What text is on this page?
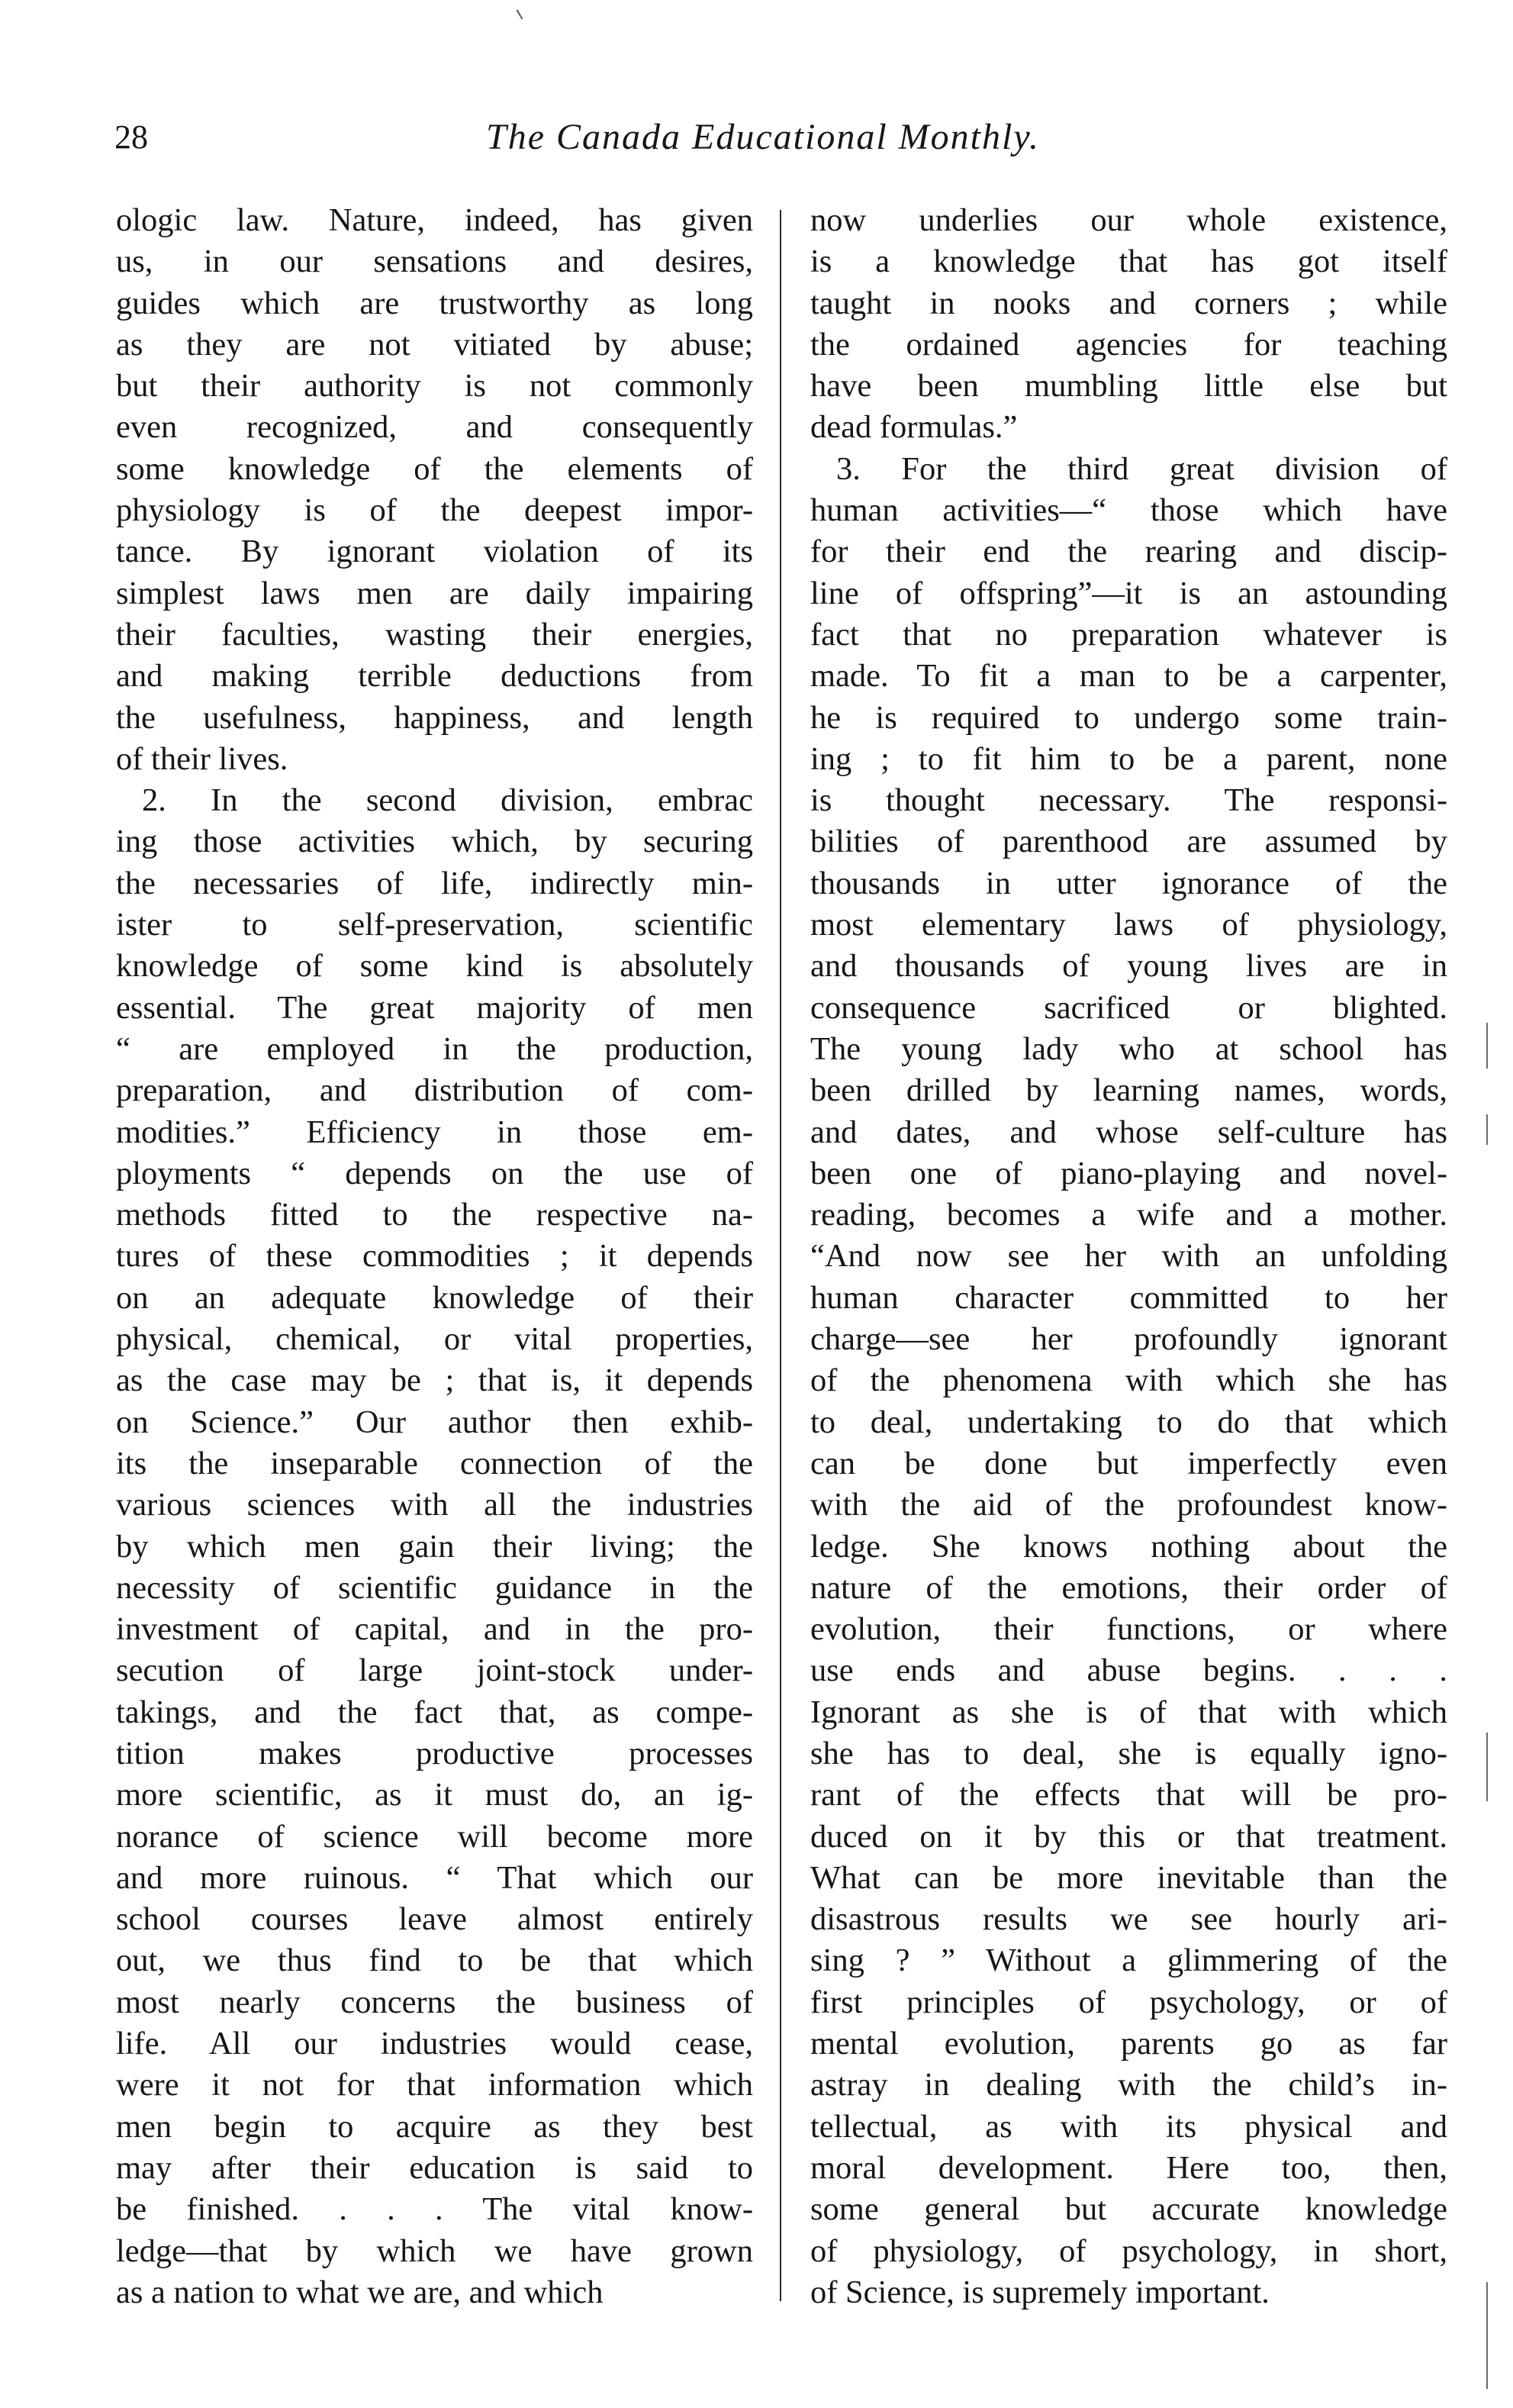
28	The Canada Educational Monthly.
ologic law. Nature, indeed, has given
us, in our sensations and desires,
guides which are trustworthy as long
as they are not vitiated by abuse;
but their authority is not commonly
even recognized, and consequently
some knowledge of the elements of
physiology is of the deepest impor-
tance. By ignorant violation of its
simplest laws men are daily impairing
their faculties, wasting their energies,
and making terrible deductions from
the usefulness, happiness, and length
of their lives.
2. In the second division, embrac
ing those activities which, by securing
the necessaries of life, indirectly min-
ister to self-preservation, scientific
knowledge of some kind is absolutely
essential. The great majority of men
“ are employed in the production,
preparation, and distribution of com-
modities.” Efficiency in those em-
ployments “ depends on the use of
methods fitted to the respective na-
tures of these commodities ; it depends
on an adequate knowledge of their
physical, chemical, or vital properties,
as the case may be ; that is, it depends
on Science.” Our author then exhib-
its the inseparable connection of the
various sciences with all the industries
by which men gain their living; the
necessity of scientific guidance in the
investment of capital, and in the pro-
secution of large joint-stock under-
takings, and the fact that, as compe-
tition makes productive processes
more scientific, as it must do, an ig-
norance of science will become more
and more ruinous. “ That which our
school courses leave almost entirely
out, we thus find to be that which
most nearly concerns the business of
life. All our industries would cease,
were it not for that information which
men begin to acquire as they best
may after their education is said to
be finished. . . . The vital know-
ledge—that by which we have grown
as a nation to what we are, and which
now underlies our whole existence,
is a knowledge that has got itself
taught in nooks and corners ; while
the ordained agencies for teaching
have been mumbling little else but
dead formulas.”
3. For the third great division of
human activities—“ those which have
for their end the rearing and discip-
line of offspring”—it is an astounding
fact that no preparation whatever is
made. To fit a man to be a carpenter,
he is required to undergo some train-
ing ; to fit him to be a parent, none
is thought necessary. The responsi-
bilities of parenthood are assumed by
thousands in utter ignorance of the
most elementary laws of physiology,
and thousands of young lives are in
consequence sacrificed or blighted.
The young lady who at school has
been drilled by learning names, words,
and dates, and whose self-culture has
been one of piano-playing and novel-
reading, becomes a wife and a mother.
“And now see her with an unfolding
human character committed to her
charge—see her profoundly ignorant
of the phenomena with which she has
to deal, undertaking to do that which
can be done but imperfectly even
with the aid of the profoundest know-
ledge. She knows nothing about the
nature of the emotions, their order of
evolution, their functions, or where
use ends and abuse begins. . . .
Ignorant as she is of that with which
she has to deal, she is equally igno-
rant of the effects that will be pro-
duced on it by this or that treatment.
What can be more inevitable than the
disastrous results we see hourly ari-
sing ? ” Without a glimmering of the
first principles of psychology, or of
mental evolution, parents go as far
astray in dealing with the child’s in-
tellectual, as with its physical and
moral development. Here too, then,
some general but accurate knowledge
of physiology, of psychology, in short,
of Science, is supremely important.
